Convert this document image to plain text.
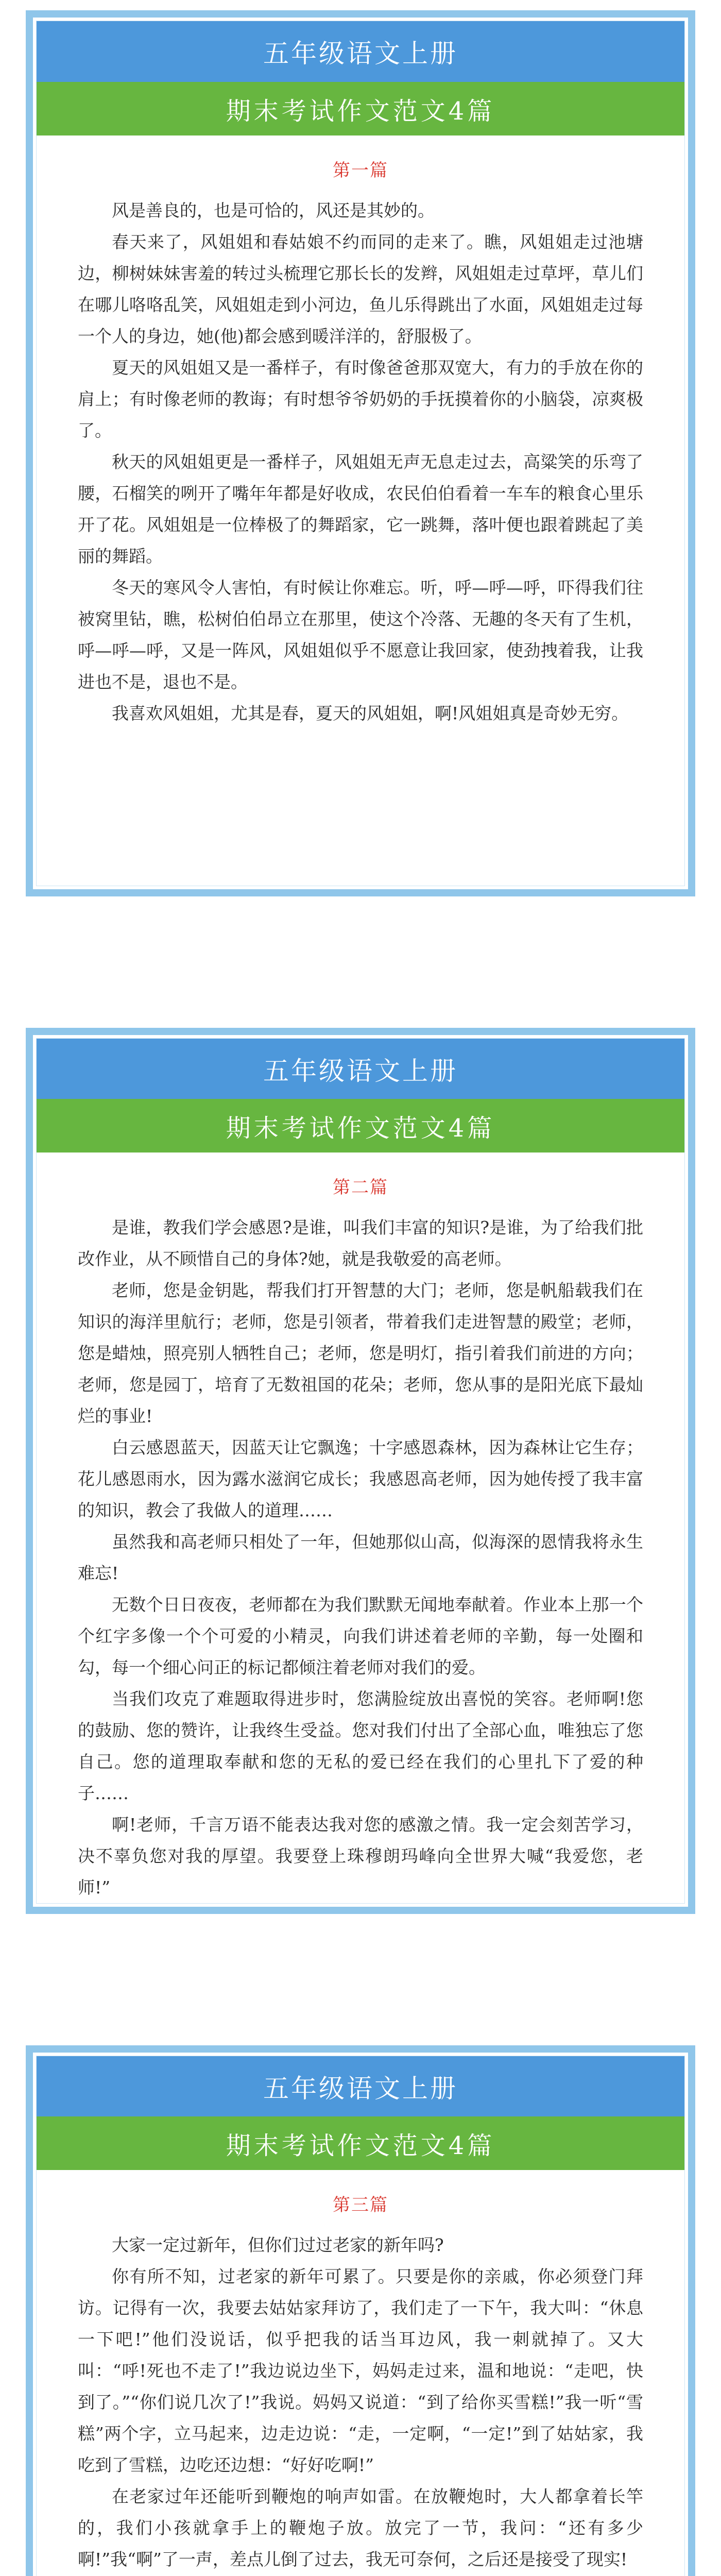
五年级语文上册
期末考试作文范文4篇
第一篇

风是善良的，也是可恰的，风还是其妙的。

春天来了，风姐姐和春姑娘不约而同的走来了。瞧，风姐姐走过池塘边，柳树妹妹害羞的转过头梳理它那长长的发辫，风姐姐走过草坪，草儿们在哪儿咯咯乱笑，风姐姐走到小河边，鱼儿乐得跳出了水面，风姐姐走过每一个人的身边，她(他)都会感到暖洋洋的，舒服极了。

夏天的风姐姐又是一番样子，有时像爸爸那双宽大，有力的手放在你的肩上；有时像老师的教诲；有时想爷爷奶奶的手抚摸着你的小脑袋，凉爽极了。

秋天的风姐姐更是一番样子，风姐姐无声无息走过去，高粱笑的乐弯了腰，石榴笑的咧开了嘴年年都是好收成，农民伯伯看着一车车的粮食心里乐开了花。风姐姐是一位棒极了的舞蹈家，它一跳舞，落叶便也跟着跳起了美丽的舞蹈。

冬天的寒风令人害怕，有时候让你难忘。听，呼—呼—呼，吓得我们往被窝里钻，瞧，松树伯伯昂立在那里，使这个冷落、无趣的冬天有了生机，呼—呼—呼，又是一阵风，风姐姐似乎不愿意让我回家，使劲拽着我，让我进也不是，退也不是。

我喜欢风姐姐，尤其是春，夏天的风姐姐，啊!风姐姐真是奇妙无穷。

五年级语文上册
期末考试作文范文4篇
第二篇

是谁，教我们学会感恩?是谁，叫我们丰富的知识?是谁，为了给我们批改作业，从不顾惜自己的身体?她，就是我敬爱的高老师。

老师，您是金钥匙，帮我们打开智慧的大门；老师，您是帆船载我们在知识的海洋里航行；老师，您是引领者，带着我们走进智慧的殿堂；老师，您是蜡烛，照亮别人牺牲自己；老师，您是明灯，指引着我们前进的方向；老师，您是园丁，培育了无数祖国的花朵；老师，您从事的是阳光底下最灿烂的事业!

白云感恩蓝天，因蓝天让它飘逸；十字感恩森林，因为森林让它生存；花儿感恩雨水，因为露水滋润它成长；我感恩高老师，因为她传授了我丰富的知识，教会了我做人的道理……

虽然我和高老师只相处了一年，但她那似山高，似海深的恩情我将永生难忘!

无数个日日夜夜，老师都在为我们默默无闻地奉献着。作业本上那一个个红字多像一个个可爱的小精灵，向我们讲述着老师的辛勤，每一处圈和勾，每一个细心问正的标记都倾注着老师对我们的爱。

当我们攻克了难题取得进步时，您满脸绽放出喜悦的笑容。老师啊!您的鼓励、您的赞许，让我终生受益。您对我们付出了全部心血，唯独忘了您自己。您的道理取奉献和您的无私的爱已经在我们的心里扎下了爱的种子……

啊!老师，千言万语不能表达我对您的感激之情。我一定会刻苦学习，决不辜负您对我的厚望。我要登上珠穆朗玛峰向全世界大喊“我爱您，老师!”

五年级语文上册
期末考试作文范文4篇
第三篇

大家一定过新年，但你们过过老家的新年吗?

你有所不知，过老家的新年可累了。只要是你的亲戚，你必须登门拜访。记得有一次，我要去姑姑家拜访了，我们走了一下午，我大叫：“休息一下吧!”他们没说话，似乎把我的话当耳边风，我一刺就掉了。又大叫：“呼!死也不走了!”我边说边坐下，妈妈走过来，温和地说：“走吧，快到了。”“你们说几次了!”我说。妈妈又说道：“到了给你买雪糕!”我一听“雪糕”两个字，立马起来，边走边说：“走，一定啊，“一定!”到了姑姑家，我吃到了雪糕，边吃还边想：“好好吃啊!”

在老家过年还能听到鞭炮的响声如雷。在放鞭炮时，大人都拿着长竿的，我们小孩就拿手上的鞭炮子放。放完了一节，我问：“还有多少啊!”我“啊”了一声，差点儿倒了过去，我无可奈何，之后还是接受了现实!
